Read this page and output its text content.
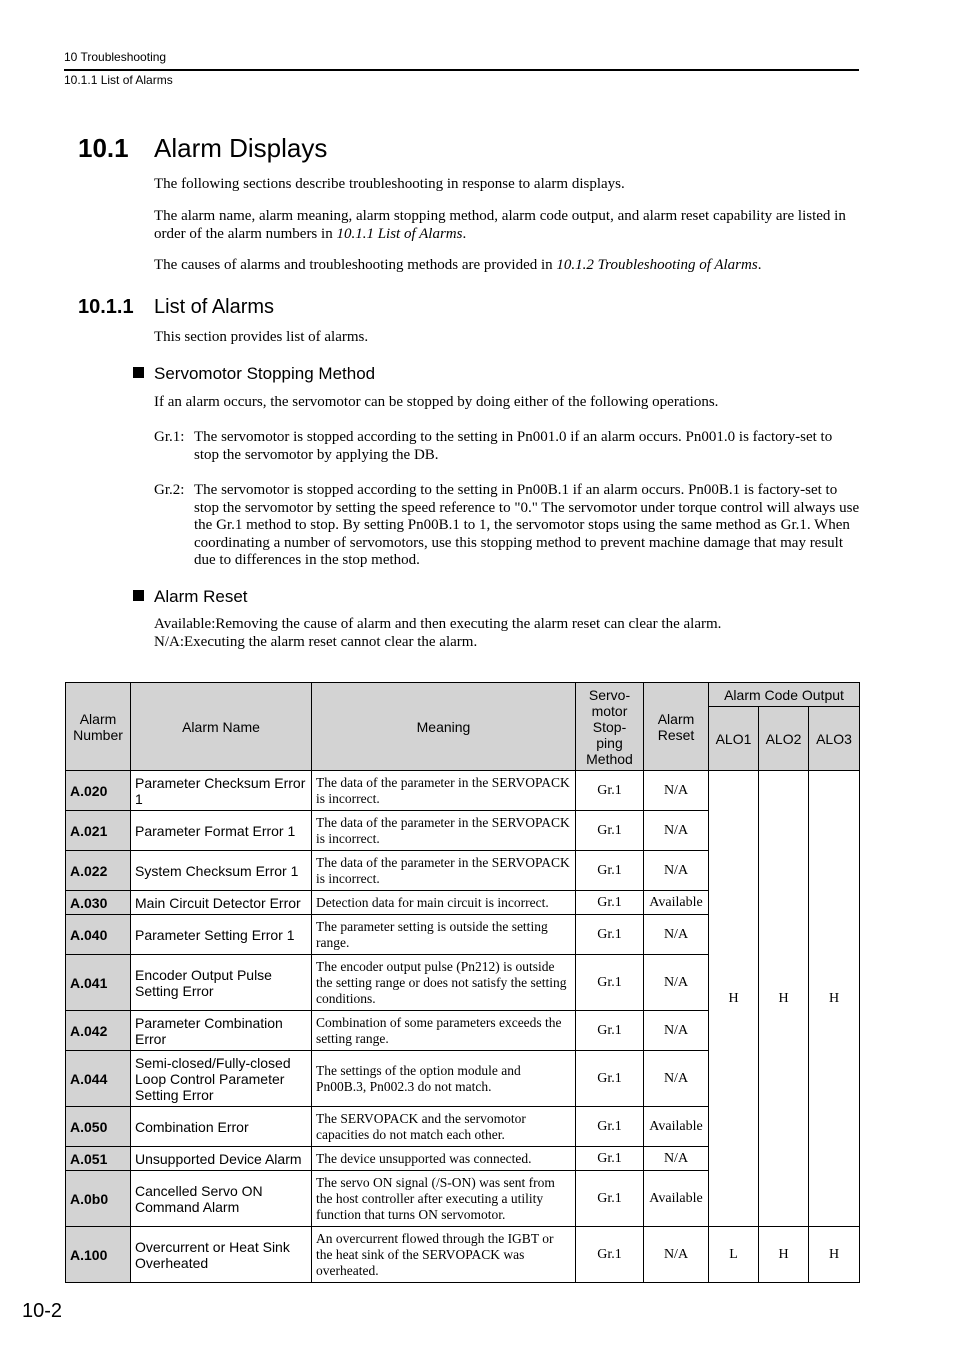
10 Troubleshooting
10.1.1 List of Alarms
10.1 Alarm Displays
The following sections describe troubleshooting in response to alarm displays.
The alarm name, alarm meaning, alarm stopping method, alarm code output, and alarm reset capability are listed in order of the alarm numbers in 10.1.1 List of Alarms.
The causes of alarms and troubleshooting methods are provided in 10.1.2 Troubleshooting of Alarms.
10.1.1 List of Alarms
This section provides list of alarms.
Servomotor Stopping Method
If an alarm occurs, the servomotor can be stopped by doing either of the following operations.
Gr.1: The servomotor is stopped according to the setting in Pn001.0 if an alarm occurs. Pn001.0 is factory-set to stop the servomotor by applying the DB.
Gr.2: The servomotor is stopped according to the setting in Pn00B.1 if an alarm occurs. Pn00B.1 is factory-set to stop the servomotor by setting the speed reference to "0." The servomotor under torque control will always use the Gr.1 method to stop. By setting Pn00B.1 to 1, the servomotor stops using the same method as Gr.1. When coordinating a number of servomotors, use this stopping method to prevent machine damage that may result due to differences in the stop method.
Alarm Reset
Available:Removing the cause of alarm and then executing the alarm reset can clear the alarm.
N/A:Executing the alarm reset cannot clear the alarm.
Alarm Number	Alarm Name	Meaning	Servo-
motor
Stop-
ping
Method	Alarm Reset	Alarm Code Output		
					ALO1	ALO2	ALO3
A.020	Parameter Checksum Error 1	The data of the parameter in the SERVOPACK is incorrect.	Gr.1	N/A	H	H	H
A.021	Parameter Format Error 1	The data of the parameter in the SERVOPACK is incorrect.	Gr.1	N/A			
A.022	System Checksum Error 1	The data of the parameter in the SERVOPACK is incorrect.	Gr.1	N/A			
A.030	Main Circuit Detector Error	Detection data for main circuit is incorrect.	Gr.1	Available			
A.040	Parameter Setting Error 1	The parameter setting is outside the setting range.	Gr.1	N/A			
A.041	Encoder Output Pulse Setting Error	The encoder output pulse (Pn212) is outside the setting range or does not satisfy the setting conditions.	Gr.1	N/A			
A.042	Parameter Combination Error	Combination of some parameters exceeds the setting range.	Gr.1	N/A			
A.044	Semi-closed/Fully-closed Loop Control Parameter Setting Error	The settings of the option module and Pn00B.3, Pn002.3 do not match.	Gr.1	N/A			
A.050	Combination Error	The SERVOPACK and the servomotor capacities do not match each other.	Gr.1	Available			
A.051	Unsupported Device Alarm	The device unsupported was connected.	Gr.1	N/A			
A.0b0	Cancelled Servo ON Command Alarm	The servo ON signal (/S-ON) was sent from the host controller after executing a utility function that turns ON servomotor.	Gr.1	Available			
A.100	Overcurrent or Heat Sink Overheated	An overcurrent flowed through the IGBT or the heat sink of the SERVOPACK was overheated.	Gr.1	N/A	L	H	H
10-2
